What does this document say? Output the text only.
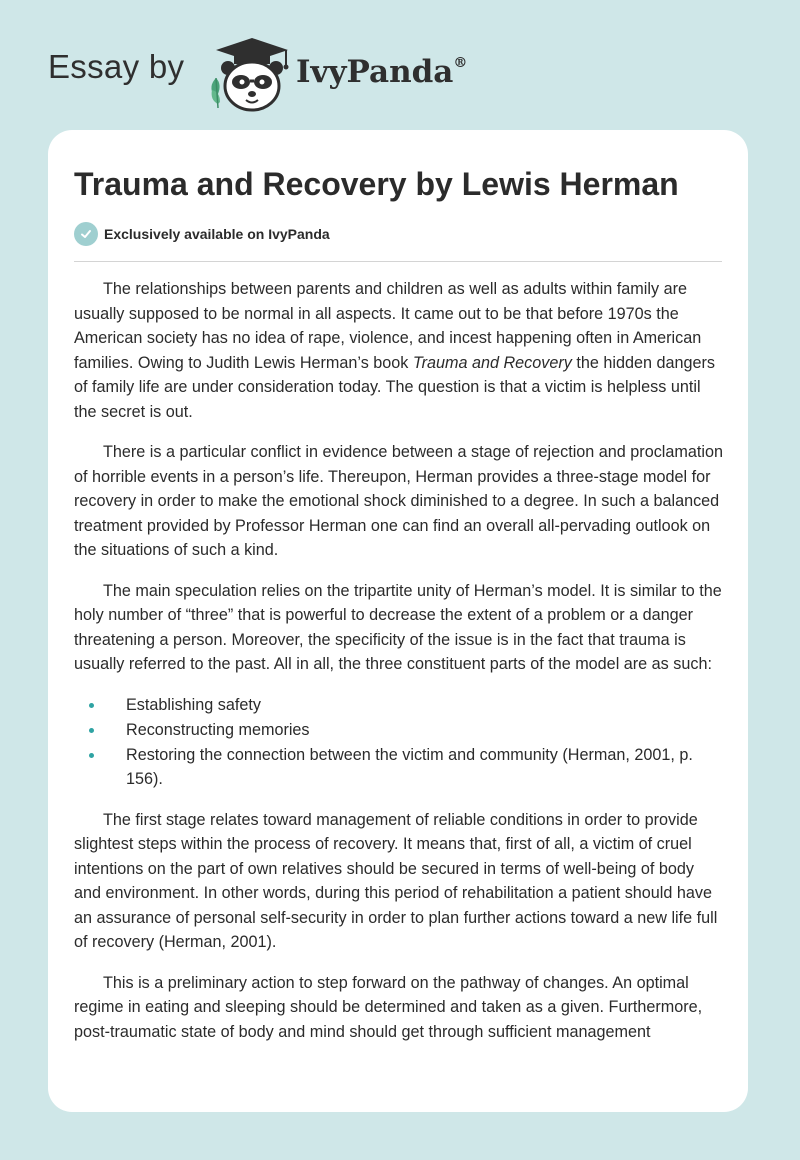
Essay by	IvyPanda®
Trauma and Recovery by Lewis Herman
Exclusively available on IvyPanda

The relationships between parents and children as well as adults within family are usually supposed to be normal in all aspects. It came out to be that before 1970s the American society has no idea of rape, violence, and incest happening often in American families. Owing to Judith Lewis Herman’s book Trauma and Recovery the hidden dangers of family life are under consideration today. The question is that a victim is helpless until the secret is out.

There is a particular conflict in evidence between a stage of rejection and proclamation of horrible events in a person’s life. Thereupon, Herman provides a three-stage model for recovery in order to make the emotional shock diminished to a degree. In such a balanced treatment provided by Professor Herman one can find an overall all-pervading outlook on the situations of such a kind.

The main speculation relies on the tripartite unity of Herman’s model. It is similar to the holy number of “three” that is powerful to decrease the extent of a problem or a danger threatening a person. Moreover, the specificity of the issue is in the fact that trauma is usually referred to the past. All in all, the three constituent parts of the model are as such:

Establishing safety
Reconstructing memories
Restoring the connection between the victim and community (Herman, 2001, p. 156).

The first stage relates toward management of reliable conditions in order to provide slightest steps within the process of recovery. It means that, first of all, a victim of cruel intentions on the part of own relatives should be secured in terms of well-being of body and environment. In other words, during this period of rehabilitation a patient should have an assurance of personal self-security in order to plan further actions toward a new life full of recovery (Herman, 2001).

This is a preliminary action to step forward on the pathway of changes. An optimal regime in eating and sleeping should be determined and taken as a given. Furthermore, post-traumatic state of body and mind should get through sufficient management
